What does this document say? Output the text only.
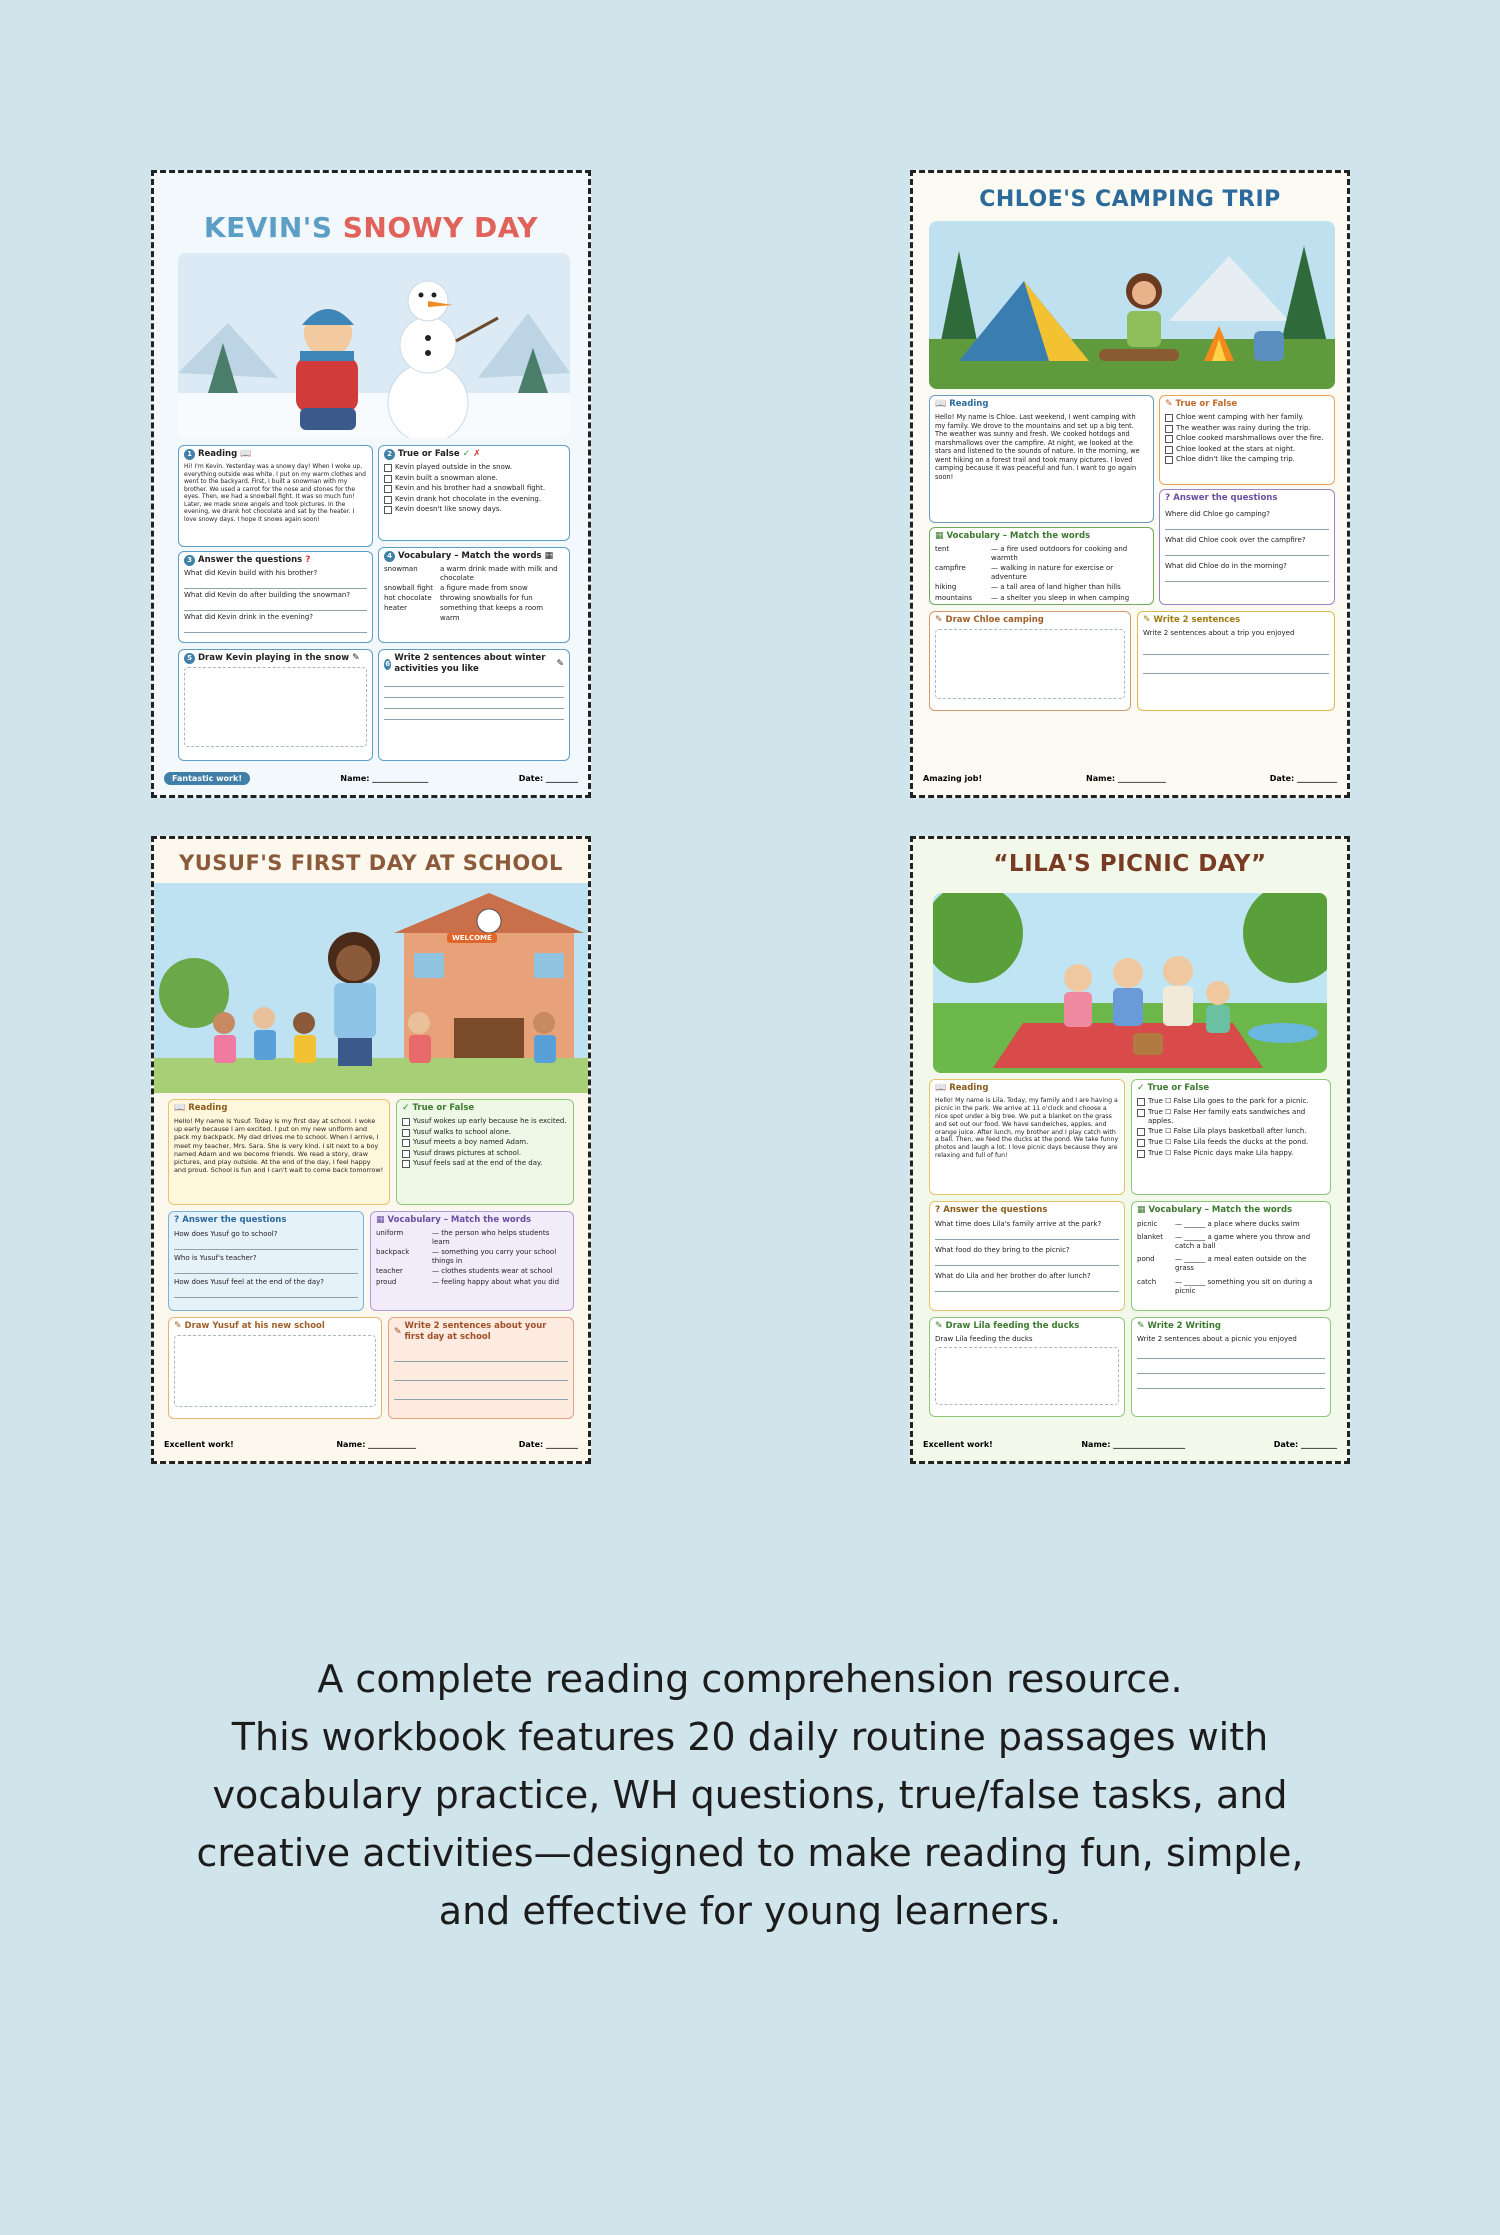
KEVIN'S SNOWY DAY
1 Reading 📖
Hi! I'm Kevin. Yesterday was a snowy day! When I woke up, everything outside was white. I put on my warm clothes and went to the backyard. First, I built a snowman with my brother. We used a carrot for the nose and stones for the eyes. Then, we had a snowball fight. It was so much fun! Later, we made snow angels and took pictures. In the evening, we drank hot chocolate and sat by the heater. I love snowy days. I hope it snows again soon!
2 True or False ✓ ✗
Kevin played outside in the snow.
Kevin built a snowman alone.
Kevin and his brother had a snowball fight.
Kevin drank hot chocolate in the evening.
Kevin doesn't like snowy days.
3 Answer the questions ?
What did Kevin build with his brother?
What did Kevin do after building the snowman?
What did Kevin drink in the evening?
4 Vocabulary – Match the words ▦
snowman	a warm drink made with milk and chocolate
snowball fight	a figure made from snow
hot chocolate	throwing snowballs for fun
heater	something that keeps a room warm
5 Draw Kevin playing in the snow ✎
6
Write 2 sentences about winter activities you like
✎
Fantastic work!	Name: ______________	Date: ________
CHLOE'S CAMPING TRIP
📖 Reading
Hello! My name is Chloe. Last weekend, I went camping with my family. We drove to the mountains and set up a big tent. The weather was sunny and fresh. We cooked hotdogs and marshmallows over the campfire. At night, we looked at the stars and listened to the sounds of nature. In the morning, we went hiking on a forest trail and took many pictures. I loved camping because it was peaceful and fun. I want to go again soon!
✎ True or False
Chloe went camping with her family.
The weather was rainy during the trip.
Chloe cooked marshmallows over the fire.
Chloe looked at the stars at night.
Chloe didn't like the camping trip.
? Answer the questions
Where did Chloe go camping?
What did Chloe cook over the campfire?
What did Chloe do in the morning?
▦ Vocabulary – Match the words
tent	— a fire used outdoors for cooking and warmth
campfire	— walking in nature for exercise or adventure
hiking	— a tall area of land higher than hills
mountains	— a shelter you sleep in when camping
✎ Draw Chloe camping	✎ Write 2 sentences
Write 2 sentences about a trip you enjoyed
Amazing job!	Name: ____________	Date: __________
YUSUF'S FIRST DAY AT SCHOOL
WELCOME
📖 Reading
Hello! My name is Yusuf. Today is my first day at school. I woke up early because I am excited. I put on my new uniform and pack my backpack. My dad drives me to school. When I arrive, I meet my teacher, Mrs. Sara. She is very kind. I sit next to a boy named Adam and we become friends. We read a story, draw pictures, and play outside. At the end of the day, I feel happy and proud. School is fun and I can't wait to come back tomorrow!
✓ True or False
Yusuf wokes up early because he is excited.
Yusuf walks to school alone.
Yusuf meets a boy named Adam.
Yusuf draws pictures at school.
Yusuf feels sad at the end of the day.
? Answer the questions
How does Yusuf go to school?
Who is Yusuf's teacher?
How does Yusuf feel at the end of the day?
▦ Vocabulary – Match the words
uniform	— the person who helps students learn
backpack	— something you carry your school things in
teacher	— clothes students wear at school
proud	— feeling happy about what you did
✎ Draw Yusuf at his new school
✎
Write 2 sentences about your first day at school
Excellent work!	Name: ____________	Date: ________
“LILA'S PICNIC DAY”
📖 Reading
Hello! My name is Lila. Today, my family and I are having a picnic in the park. We arrive at 11 o'clock and choose a nice spot under a big tree. We put a blanket on the grass and set out our food. We have sandwiches, apples, and orange juice. After lunch, my brother and I play catch with a ball. Then, we feed the ducks at the pond. We take funny photos and laugh a lot. I love picnic days because they are relaxing and full of fun!
✓ True or False
True ☐ False Lila goes to the park for a picnic.
True ☐ False Her family eats sandwiches and apples.
True ☐ False Lila plays basketball after lunch.
True ☐ False Lila feeds the ducks at the pond.
True ☐ False Picnic days make Lila happy.
? Answer the questions
What time does Lila's family arrive at the park?
What food do they bring to the picnic?
What do Lila and her brother do after lunch?
▦ Vocabulary – Match the words
picnic	— ______ a place where ducks swim
blanket	— ______ a game where you throw and catch a ball
pond	— ______ a meal eaten outside on the grass
catch	— ______ something you sit on during a picnic
✎ Draw Lila feeding the ducks
Draw Lila feeding the ducks
✎ Write 2 Writing
Write 2 sentences about a picnic you enjoyed
Excellent work!	Name: __________________	Date: _________
A complete reading comprehension resource.
This workbook features 20 daily routine passages with
vocabulary practice, WH questions, true/false tasks, and
creative activities—designed to make reading fun, simple,
and effective for young learners.
